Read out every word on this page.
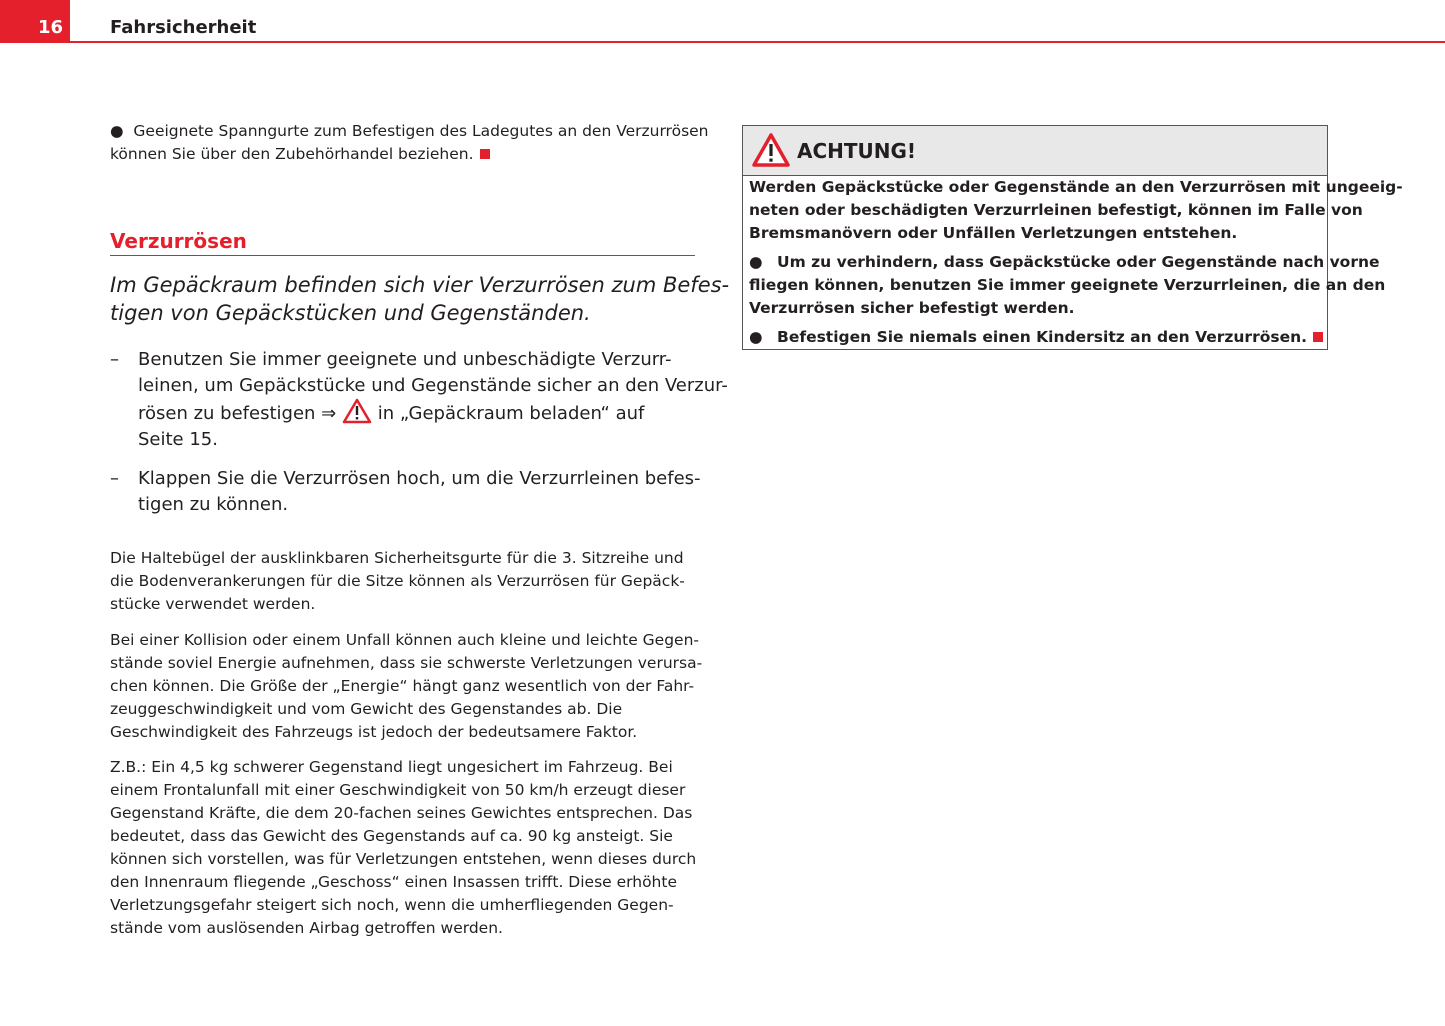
16	Fahrsicherheit
● Geeignete Spanngurte zum Befestigen des Ladegutes an den Verzurrösen
können Sie über den Zubehörhandel beziehen.
Verzurrösen
Im Gepäckraum befinden sich vier Verzurrösen zum Befes-
tigen von Gepäckstücken und Gegenständen.
– Benutzen Sie immer geeignete und unbeschädigte Verzurr-
leinen, um Gepäckstücke und Gegenstände sicher an den Verzur-
rösen zu befestigen ⇒ in „Gepäckraum beladen“ auf
Seite 15.
– Klappen Sie die Verzurrösen hoch, um die Verzurrleinen befes-
tigen zu können.
Die Haltebügel der ausklinkbaren Sicherheitsgurte für die 3. Sitzreihe und
die Bodenverankerungen für die Sitze können als Verzurrösen für Gepäck-
stücke verwendet werden.
Bei einer Kollision oder einem Unfall können auch kleine und leichte Gegen-
stände soviel Energie aufnehmen, dass sie schwerste Verletzungen verursa-
chen können. Die Größe der „Energie“ hängt ganz wesentlich von der Fahr-
zeuggeschwindigkeit und vom Gewicht des Gegenstandes ab. Die
Geschwindigkeit des Fahrzeugs ist jedoch der bedeutsamere Faktor.
Z.B.: Ein 4,5 kg schwerer Gegenstand liegt ungesichert im Fahrzeug. Bei
einem Frontalunfall mit einer Geschwindigkeit von 50 km/h erzeugt dieser
Gegenstand Kräfte, die dem 20-fachen seines Gewichtes entsprechen. Das
bedeutet, dass das Gewicht des Gegenstands auf ca. 90 kg ansteigt. Sie
können sich vorstellen, was für Verletzungen entstehen, wenn dieses durch
den Innenraum fliegende „Geschoss“ einen Insassen trifft. Diese erhöhte
Verletzungsgefahr steigert sich noch, wenn die umherfliegenden Gegen-
stände vom auslösenden Airbag getroffen werden.
ACHTUNG!
Werden Gepäckstücke oder Gegenstände an den Verzurrösen mit ungeeig-
neten oder beschädigten Verzurrleinen befestigt, können im Falle von
Bremsmanövern oder Unfällen Verletzungen entstehen.
● Um zu verhindern, dass Gepäckstücke oder Gegenstände nach vorne
fliegen können, benutzen Sie immer geeignete Verzurrleinen, die an den
Verzurrösen sicher befestigt werden.
● Befestigen Sie niemals einen Kindersitz an den Verzurrösen.
